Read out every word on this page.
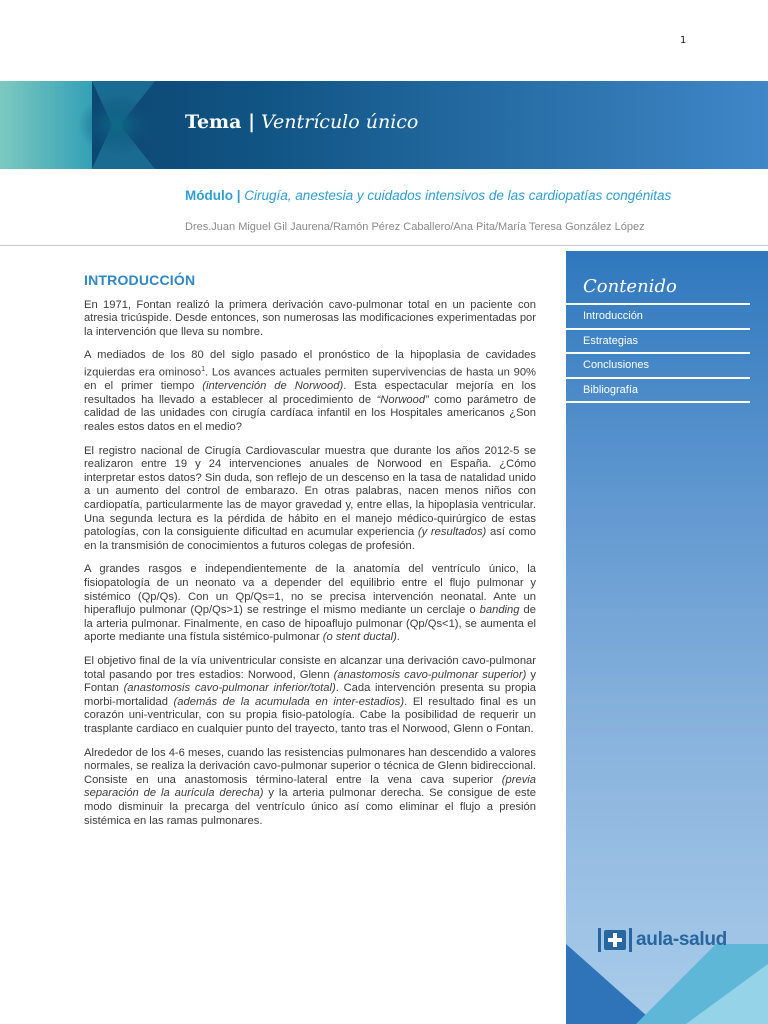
1
Tema | Ventrículo único
Módulo | Cirugía, anestesia y cuidados intensivos de las cardiopatías congénitas
Dres.Juan Miguel Gil Jaurena/Ramón Pérez Caballero/Ana Pita/María Teresa González López
INTRODUCCIÓN

En 1971, Fontan realizó la primera derivación cavo-pulmonar total en un paciente con atresia tricúspide. Desde entonces, son numerosas las modificaciones experimentadas por la intervención que lleva su nombre.

A mediados de los 80 del siglo pasado el pronóstico de la hipoplasia de cavidades izquierdas era ominoso$^1$. Los avances actuales permiten supervivencias de hasta un 90% en el primer tiempo (intervención de Norwood). Esta espectacular mejoría en los resultados ha llevado a establecer al procedimiento de “Norwood” como parámetro de calidad de las unidades con cirugía cardíaca infantil en los Hospitales americanos ¿Son reales estos datos en el medio?

El registro nacional de Cirugía Cardiovascular muestra que durante los años 2012-5 se realizaron entre 19 y 24 intervenciones anuales de Norwood en España. ¿Cómo interpretar estos datos? Sin duda, son reflejo de un descenso en la tasa de natalidad unido a un aumento del control de embarazo. En otras palabras, nacen menos niños con cardiopatía, particularmente las de mayor gravedad y, entre ellas, la hipoplasia ventricular. Una segunda lectura es la pérdida de hábito en el manejo médico-quirúrgico de estas patologías, con la consiguiente dificultad en acumular experiencia (y resultados) así como en la transmisión de conocimientos a futuros colegas de profesión.

A grandes rasgos e independientemente de la anatomía del ventrículo único, la fisiopatología de un neonato va a depender del equilibrio entre el flujo pulmonar y sistémico (Qp/Qs). Con un Qp/Qs=1, no se precisa intervención neonatal. Ante un hiperaflujo pulmonar (Qp/Qs>1) se restringe el mismo mediante un cerclaje o banding de la arteria pulmonar. Finalmente, en caso de hipoaflujo pulmonar (Qp/Qs<1), se aumenta el aporte mediante una fístula sistémico-pulmonar (o stent ductal).

El objetivo final de la vía univentricular consiste en alcanzar una derivación cavo-pulmonar total pasando por tres estadios: Norwood, Glenn (anastomosis cavo-pulmonar superior) y Fontan (anastomosis cavo-pulmonar inferior/total). Cada intervención presenta su propia morbi-mortalidad (además de la acumulada en inter-estadios). El resultado final es un corazón uni-ventricular, con su propia fisio-patología. Cabe la posibilidad de requerir un trasplante cardiaco en cualquier punto del trayecto, tanto tras el Norwood, Glenn o Fontan.

Alrededor de los 4-6 meses, cuando las resistencias pulmonares han descendido a valores normales, se realiza la derivación cavo-pulmonar superior o técnica de Glenn bidireccional. Consiste en una anastomosis término-lateral entre la vena cava superior (previa separación de la aurícula derecha) y la arteria pulmonar derecha. Se consigue de este modo disminuir la precarga del ventrículo único así como eliminar el flujo a presión sistémica en las ramas pulmonares.

Contenido
Introducción
Estrategias
Conclusiones
Bibliografía
aula-salud
